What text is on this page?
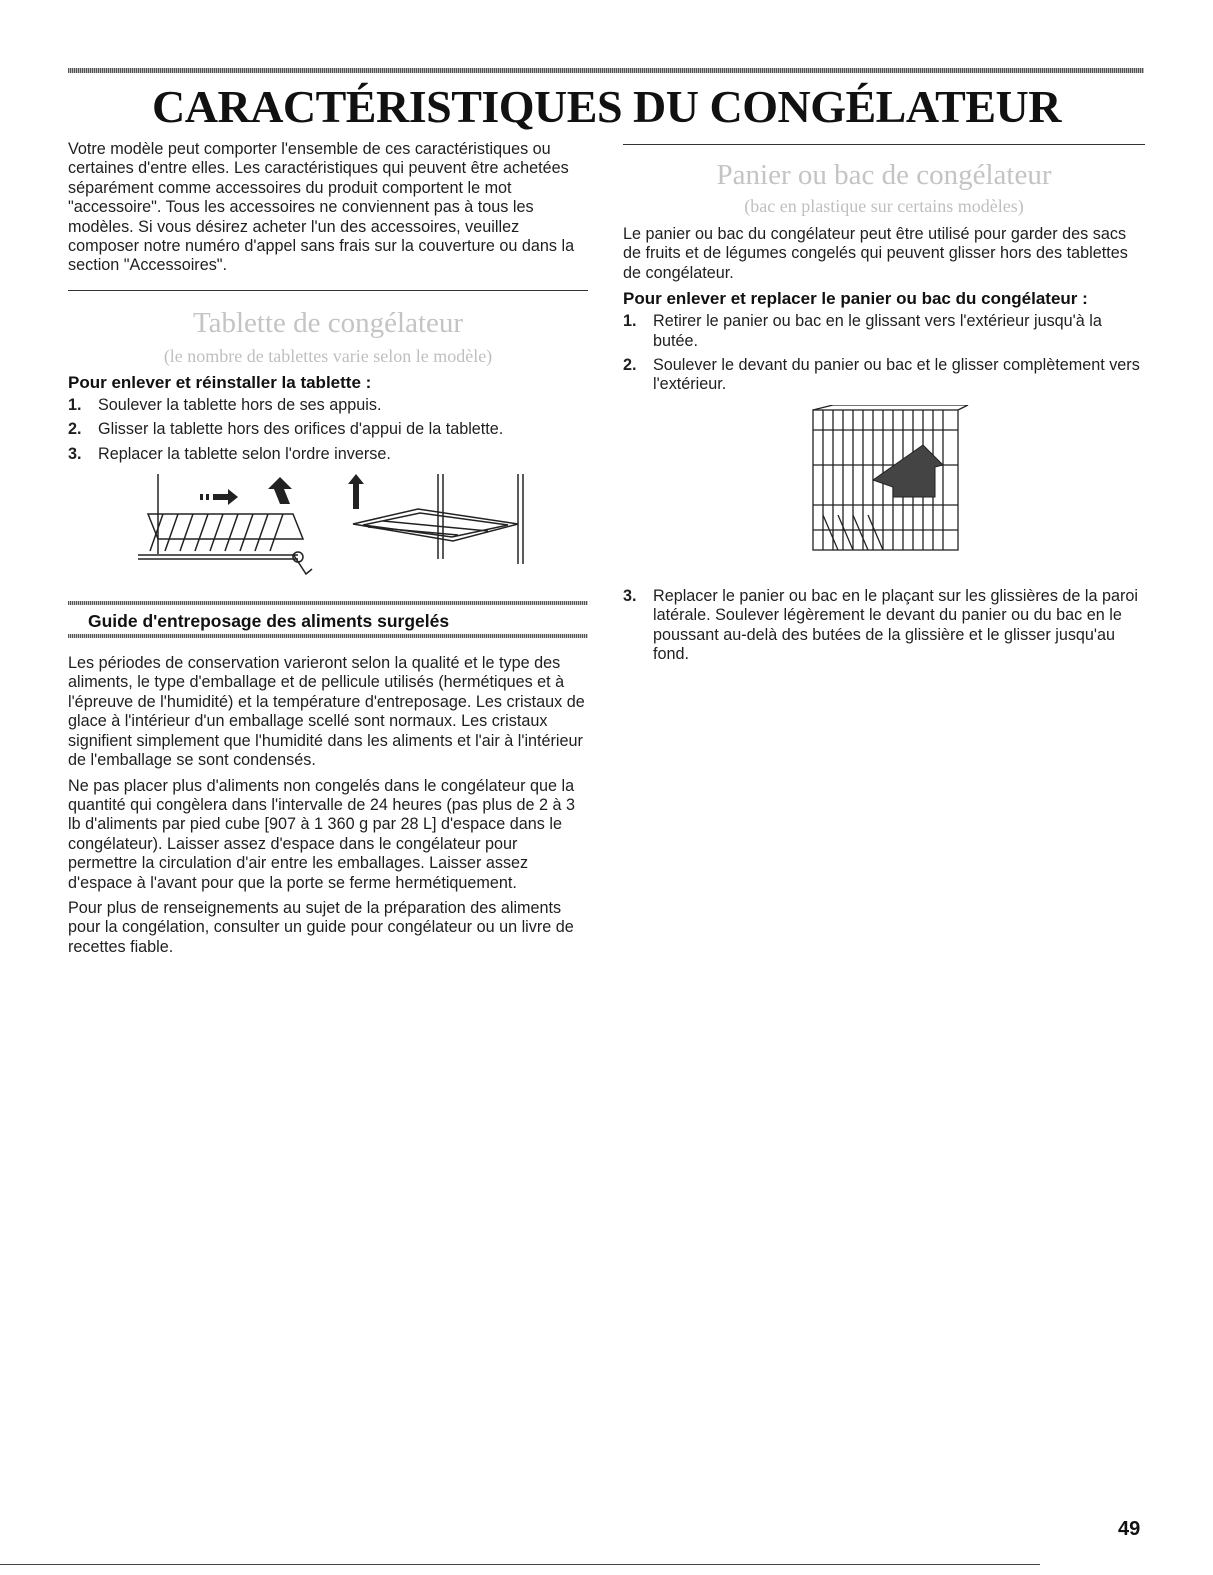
CARACTÉRISTIQUES DU CONGÉLATEUR

Votre modèle peut comporter l'ensemble de ces caractéristiques ou certaines d'entre elles. Les caractéristiques qui peuvent être achetées séparément comme accessoires du produit comportent le mot "accessoire". Tous les accessoires ne conviennent pas à tous les modèles. Si vous désirez acheter l'un des accessoires, veuillez composer notre numéro d'appel sans frais sur la couverture ou dans la section "Accessoires".

Tablette de congélateur

(le nombre de tablettes varie selon le modèle)

Pour enlever et réinstaller la tablette :

1.	Soulever la tablette hors de ses appuis.
2.	Glisser la tablette hors des orifices d'appui de la tablette.
3.	Replacer la tablette selon l'ordre inverse.

Guide d'entreposage des aliments surgelés

Les périodes de conservation varieront selon la qualité et le type des aliments, le type d'emballage et de pellicule utilisés (hermétiques et à l'épreuve de l'humidité) et la température d'entreposage. Les cristaux de glace à l'intérieur d'un emballage scellé sont normaux. Les cristaux signifient simplement que l'humidité dans les aliments et l'air à l'intérieur de l'emballage se sont condensés.

Ne pas placer plus d'aliments non congelés dans le congélateur que la quantité qui congèlera dans l'intervalle de 24 heures (pas plus de 2 à 3 lb d'aliments par pied cube [907 à 1 360 g par 28 L] d'espace dans le congélateur). Laisser assez d'espace dans le congélateur pour permettre la circulation d'air entre les emballages. Laisser assez d'espace à l'avant pour que la porte se ferme hermétiquement.

Pour plus de renseignements au sujet de la préparation des aliments pour la congélation, consulter un guide pour congélateur ou un livre de recettes fiable.

Panier ou bac de congélateur

(bac en plastique sur certains modèles)

Le panier ou bac du congélateur peut être utilisé pour garder des sacs de fruits et de légumes congelés qui peuvent glisser hors des tablettes de congélateur.

Pour enlever et replacer le panier ou bac du congélateur :

1.	Retirer le panier ou bac en le glissant vers l'extérieur jusqu'à la butée.
2.	Soulever le devant du panier ou bac et le glisser complètement vers l'extérieur.
3.	Replacer le panier ou bac en le plaçant sur les glissières de la paroi latérale. Soulever légèrement le devant du panier ou du bac en le poussant au-delà des butées de la glissière et le glisser jusqu'au fond.
49
